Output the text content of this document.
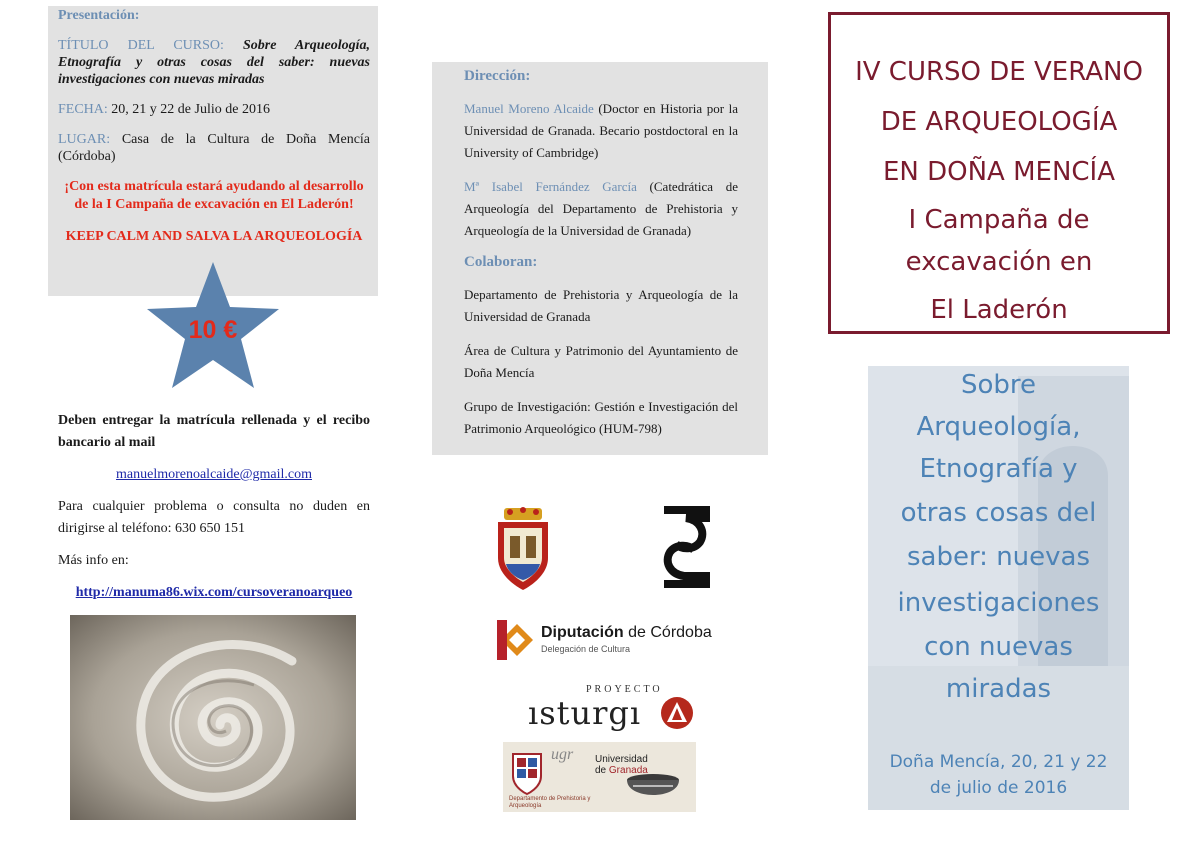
Presentación:

TÍTULO DEL CURSO: Sobre Arqueología, Etnografía y otras cosas del saber: nuevas investigaciones con nuevas miradas

FECHA: 20, 21 y 22 de Julio de 2016

LUGAR: Casa de la Cultura de Doña Mencía (Córdoba)

¡Con esta matrícula estará ayudando al desarrollo de la I Campaña de excavación en El Laderón!

KEEP CALM AND SALVA LA ARQUEOLOGÍA

10 €

Deben entregar la matrícula rellenada y el recibo bancario al mail

manuelmorenoalcaide@gmail.com

Para cualquier problema o consulta no duden en dirigirse al teléfono: 630 650 151

Más info en:

http://manuma86.wix.com/cursoveranoarqueo

Dirección:

Manuel Moreno Alcaide (Doctor en Historia por la Universidad de Granada. Becario postdoctoral en la University of Cambridge)

Mª Isabel Fernández García (Catedrática de Arqueología del Departamento de Prehistoria y Arqueología de la Universidad de Granada)

Colaboran:

Departamento de Prehistoria y Arqueología de la Universidad de Granada

Área de Cultura y Patrimonio del Ayuntamiento de Doña Mencía

Grupo de Investigación: Gestión e Investigación del Patrimonio Arqueológico (HUM-798)

Diputación de Córdoba
Delegación de Cultura
PROYECTO
ısturgı
ugr Universidad
de Granada
Departamento de Prehistoria y Arqueología
IV CURSO DE VERANO
DE ARQUEOLOGÍA
EN DOÑA MENCÍA
I Campaña de
excavación en
El Laderón
Sobre
Arqueología,
Etnografía y
otras cosas del
saber: nuevas
investigaciones
con nuevas
miradas
Doña Mencía, 20, 21 y 22
de julio de 2016
